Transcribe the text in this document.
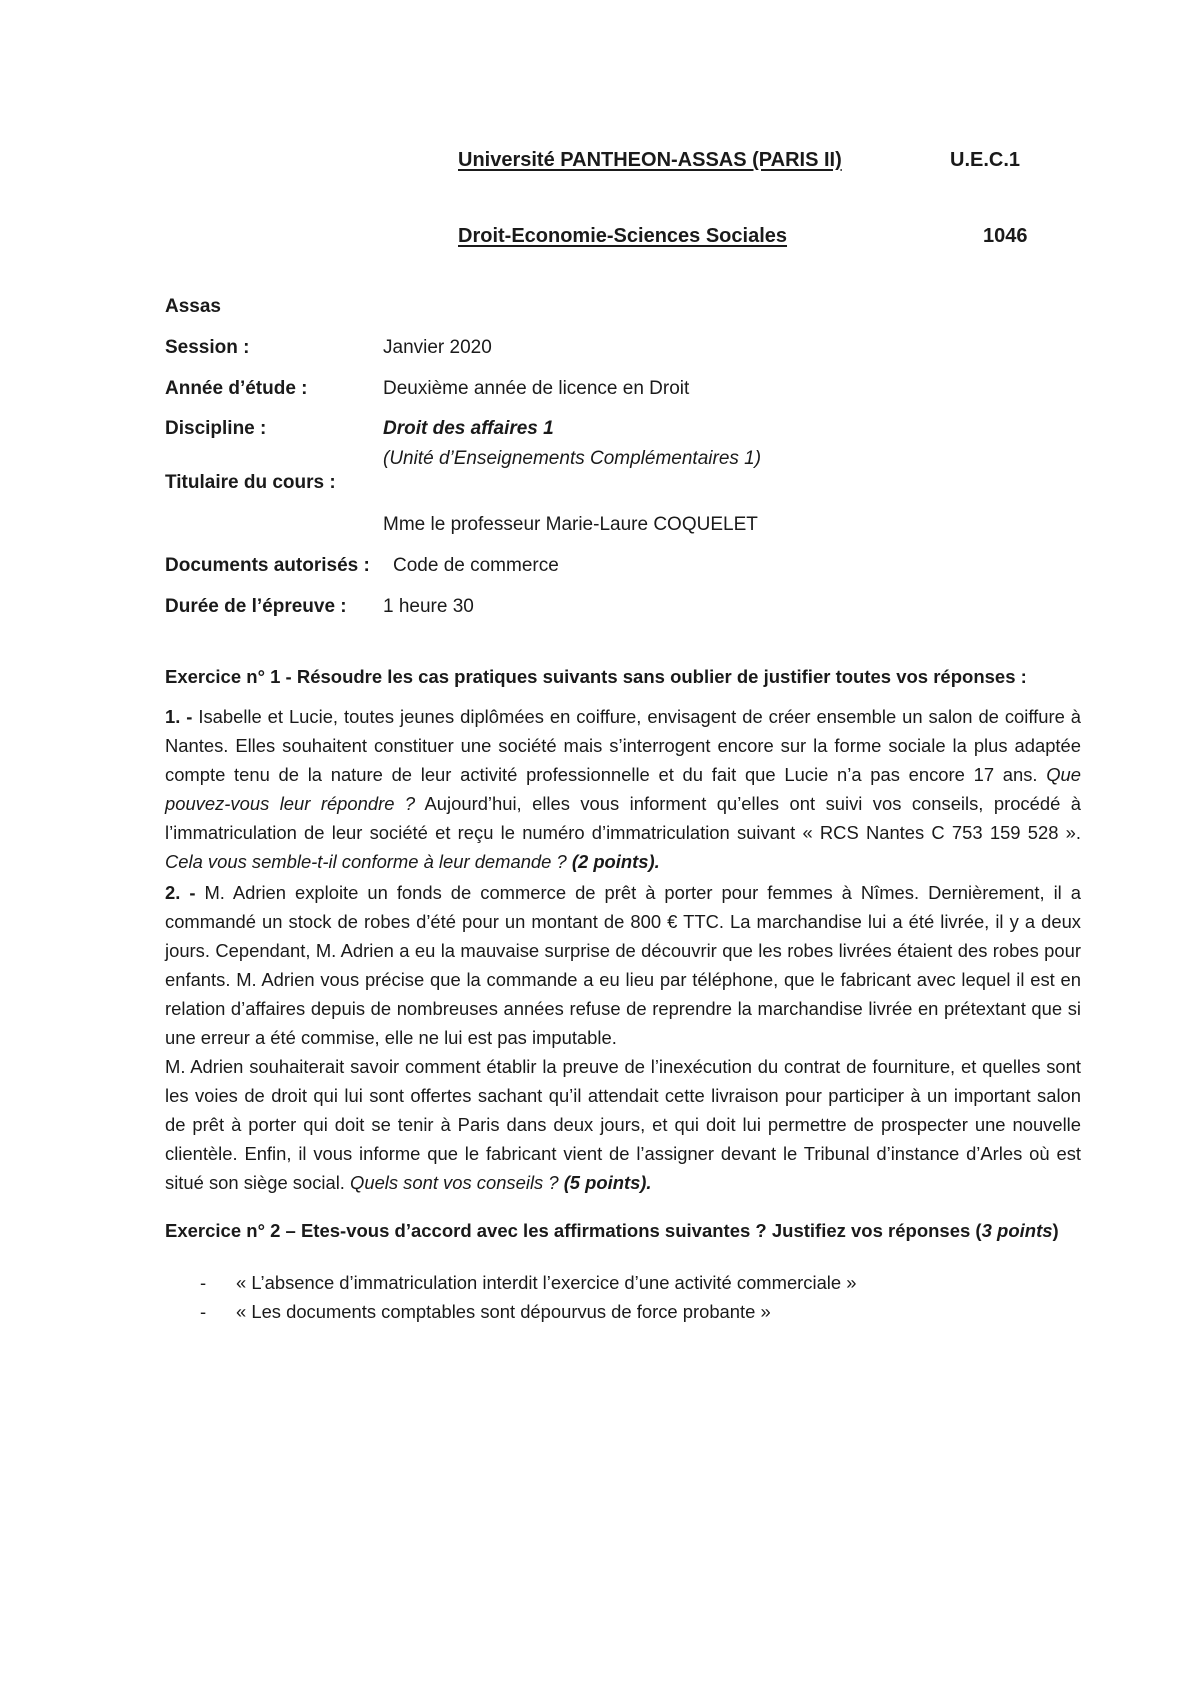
Université PANTHEON-ASSAS (PARIS II)	U.E.C.1
Droit-Economie-Sciences Sociales	1046
Assas
Session :	Janvier 2020
Année d’étude :	Deuxième année de licence en Droit
Discipline :	Droit des affaires 1
(Unité d’Enseignements Complémentaires 1)
Titulaire du cours :
Mme le professeur Marie-Laure COQUELET
Documents autorisés : Code de commerce
Durée de l’épreuve : 1 heure 30
Exercice n° 1 - Résoudre les cas pratiques suivants sans oublier de justifier toutes vos réponses :
1. - Isabelle et Lucie, toutes jeunes diplômées en coiffure, envisagent de créer ensemble un salon de coiffure à Nantes. Elles souhaitent constituer une société mais s’interrogent encore sur la forme sociale la plus adaptée compte tenu de la nature de leur activité professionnelle et du fait que Lucie n’a pas encore 17 ans. Que pouvez-vous leur répondre ? Aujourd’hui, elles vous informent qu’elles ont suivi vos conseils, procédé à l’immatriculation de leur société et reçu le numéro d’immatriculation suivant « RCS Nantes C 753 159 528 ». Cela vous semble-t-il conforme à leur demande ? (2 points).
2. - M. Adrien exploite un fonds de commerce de prêt à porter pour femmes à Nîmes. Dernièrement, il a commandé un stock de robes d’été pour un montant de 800 € TTC. La marchandise lui a été livrée, il y a deux jours. Cependant, M. Adrien a eu la mauvaise surprise de découvrir que les robes livrées étaient des robes pour enfants. M. Adrien vous précise que la commande a eu lieu par téléphone, que le fabricant avec lequel il est en relation d’affaires depuis de nombreuses années refuse de reprendre la marchandise livrée en prétextant que si une erreur a été commise, elle ne lui est pas imputable.
M. Adrien souhaiterait savoir comment établir la preuve de l’inexécution du contrat de fourniture, et quelles sont les voies de droit qui lui sont offertes sachant qu’il attendait cette livraison pour participer à un important salon de prêt à porter qui doit se tenir à Paris dans deux jours, et qui doit lui permettre de prospecter une nouvelle clientèle. Enfin, il vous informe que le fabricant vient de l’assigner devant le Tribunal d’instance d’Arles où est situé son siège social. Quels sont vos conseils ? (5 points).
Exercice n° 2 – Etes-vous d’accord avec les affirmations suivantes ? Justifiez vos réponses (3 points)
-	« L’absence d’immatriculation interdit l’exercice d’une activité commerciale »
-	« Les documents comptables sont dépourvus de force probante »
